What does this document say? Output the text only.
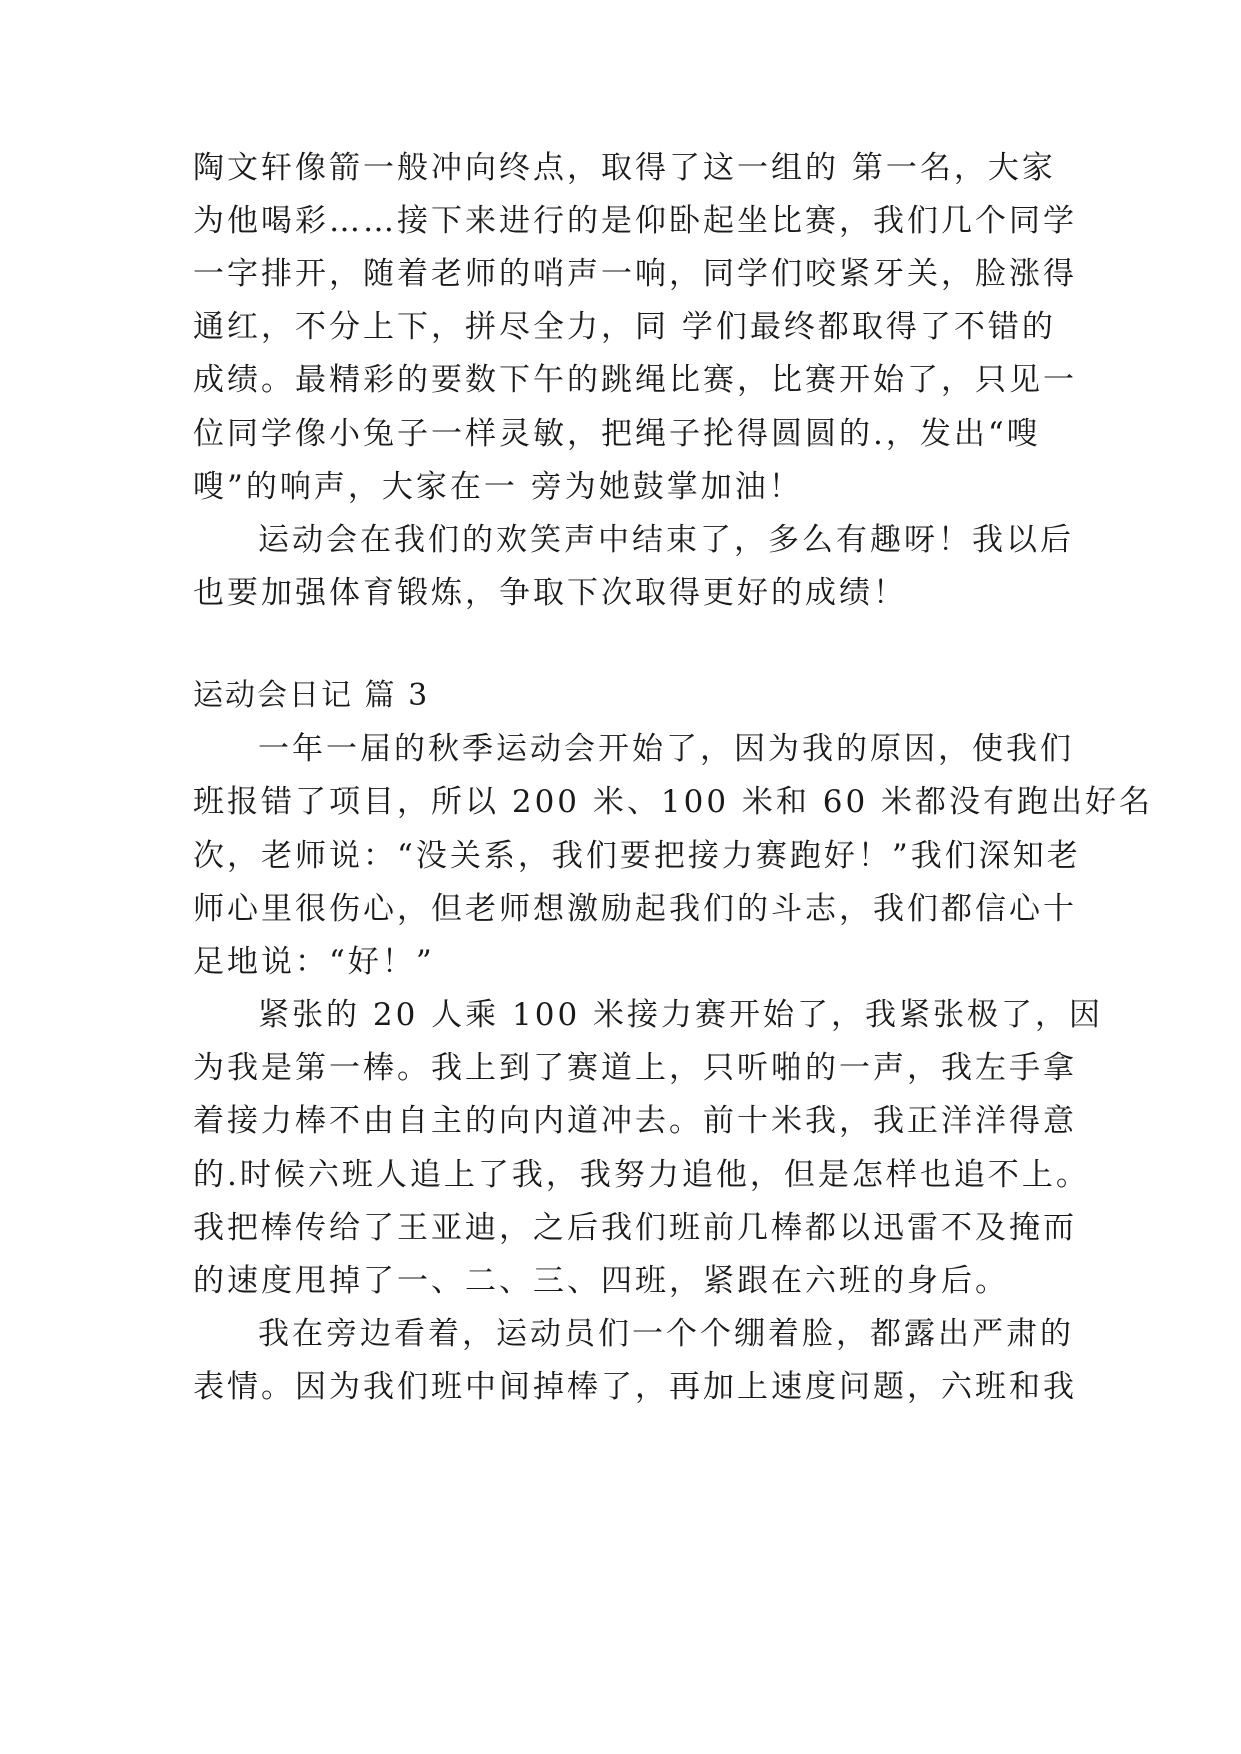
陶文轩像箭一般冲向终点，取得了这一组的 第一名，大家
为他喝彩……接下来进行的是仰卧起坐比赛，我们几个同学
一字排开，随着老师的哨声一响，同学们咬紧牙关，脸涨得
通红，不分上下，拼尽全力，同 学们最终都取得了不错的
成绩。最精彩的要数下午的跳绳比赛，比赛开始了，只见一
位同学像小兔子一样灵敏，把绳子抡得圆圆的.，发出“嗖
嗖”的响声，大家在一 旁为她鼓掌加油！
运动会在我们的欢笑声中结束了，多么有趣呀！我以后
也要加强体育锻炼，争取下次取得更好的成绩！
运动会日记 篇 3
一年一届的秋季运动会开始了，因为我的原因，使我们
班报错了项目，所以 200 米、100 米和 60 米都没有跑出好名
次，老师说：“没关系，我们要把接力赛跑好！”我们深知老
师心里很伤心，但老师想激励起我们的斗志，我们都信心十
足地说：“好！”
紧张的 20 人乘 100 米接力赛开始了，我紧张极了，因
为我是第一棒。我上到了赛道上，只听啪的一声，我左手拿
着接力棒不由自主的向内道冲去。前十米我，我正洋洋得意
的.时候六班人追上了我，我努力追他，但是怎样也追不上。
我把棒传给了王亚迪，之后我们班前几棒都以迅雷不及掩而
的速度甩掉了一、二、三、四班，紧跟在六班的身后。
我在旁边看着，运动员们一个个绷着脸，都露出严肃的
表情。因为我们班中间掉棒了，再加上速度问题，六班和我
